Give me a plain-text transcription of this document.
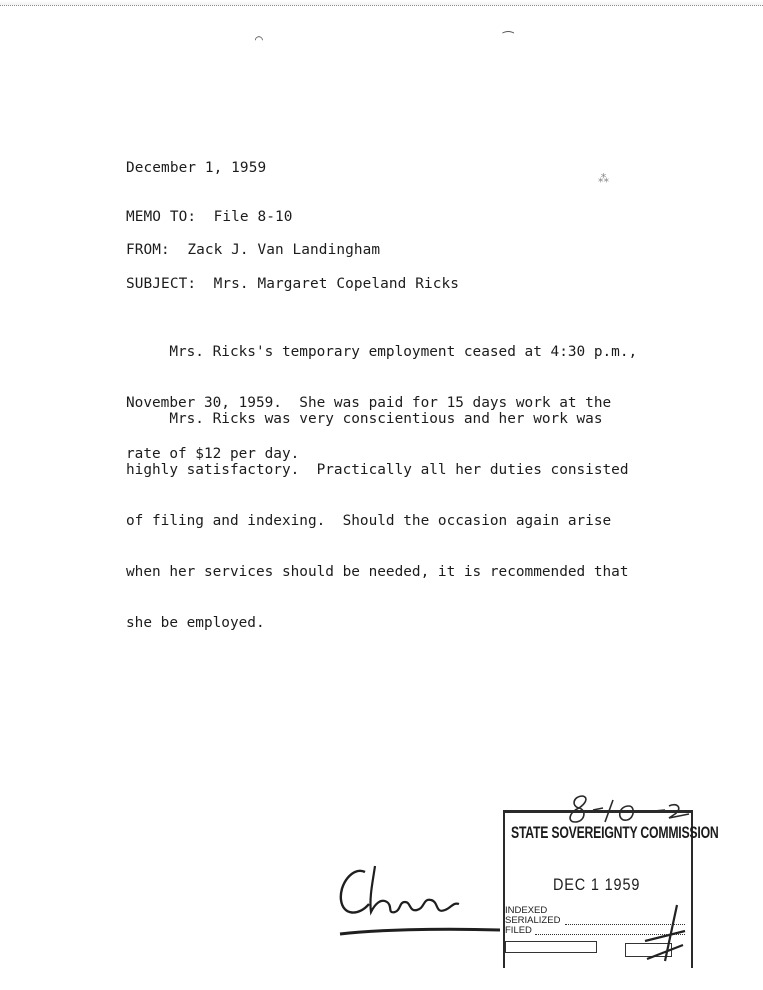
⌒	⁀
⁂
December 1, 1959
MEMO TO:  File 8-10
FROM:  Zack J. Van Landingham
SUBJECT:  Mrs. Margaret Copeland Ricks

Mrs. Ricks's temporary employment ceased at 4:30 p.m.,

November 30, 1959.  She was paid for 15 days work at the

rate of $12 per day.

Mrs. Ricks was very conscientious and her work was

highly satisfactory.  Practically all her duties consisted

of filing and indexing.  Should the occasion again arise

when her services should be needed, it is recommended that

she be employed.

STATE SOVEREIGNTY COMMISSION
DEC 1 1959
INDEXED
SERIALIZED
FILED
